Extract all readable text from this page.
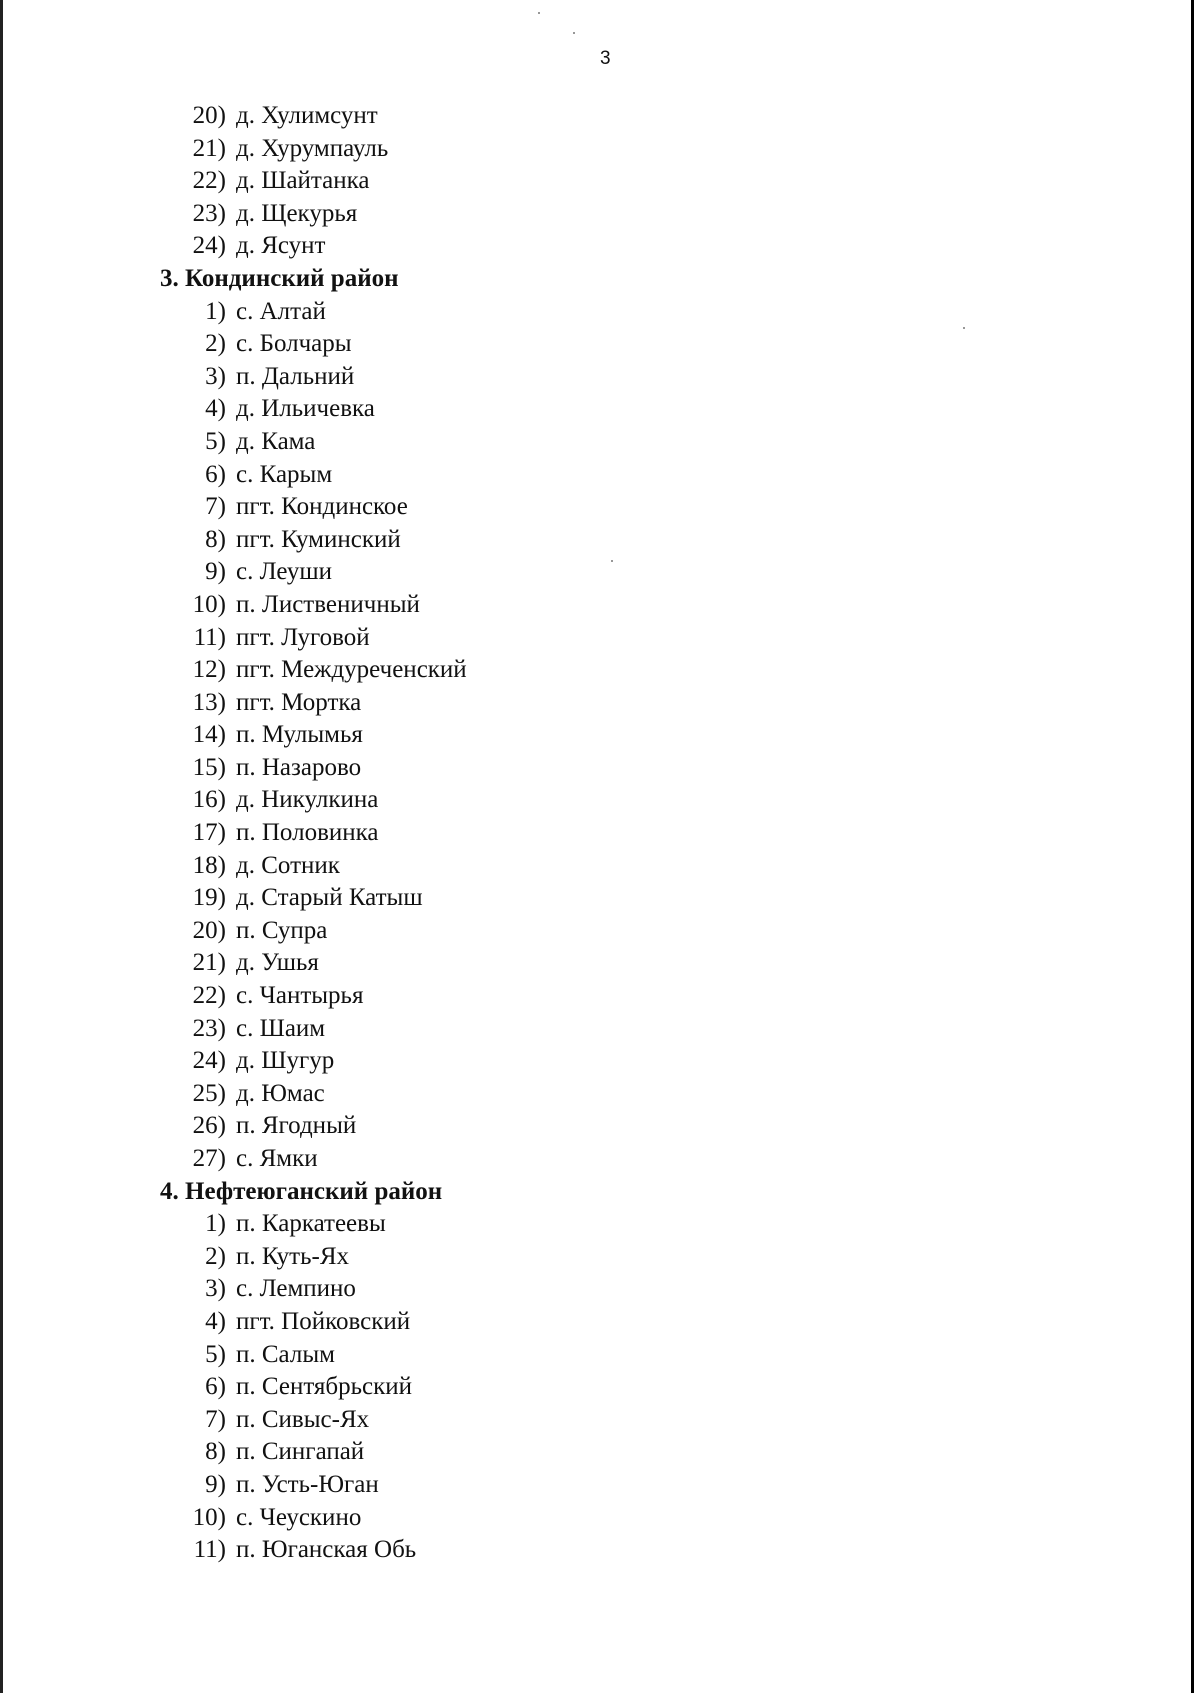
3
20) д. Хулимсунт
21) д. Хурумпауль
22) д. Шайтанка
23) д. Щекурья
24) д. Ясунт
3. Кондинский район
1) с. Алтай
2) с. Болчары
3) п. Дальний
4) д. Ильичевка
5) д. Кама
6) с. Карым
7) пгт. Кондинское
8) пгт. Куминский
9) с. Леуши
10) п. Лиственичный
11) пгт. Луговой
12) пгт. Междуреченский
13) пгт. Мортка
14) п. Мулымья
15) п. Назарово
16) д. Никулкина
17) п. Половинка
18) д. Сотник
19) д. Старый Катыш
20) п. Супра
21) д. Ушья
22) с. Чантырья
23) с. Шаим
24) д. Шугур
25) д. Юмас
26) п. Ягодный
27) с. Ямки
4. Нефтеюганский район
1) п. Каркатеевы
2) п. Куть-Ях
3) с. Лемпино
4) пгт. Пойковский
5) п. Салым
6) п. Сентябрьский
7) п. Сивыс-Ях
8) п. Сингапай
9) п. Усть-Юган
10) с. Чеускино
11) п. Юганская Обь
